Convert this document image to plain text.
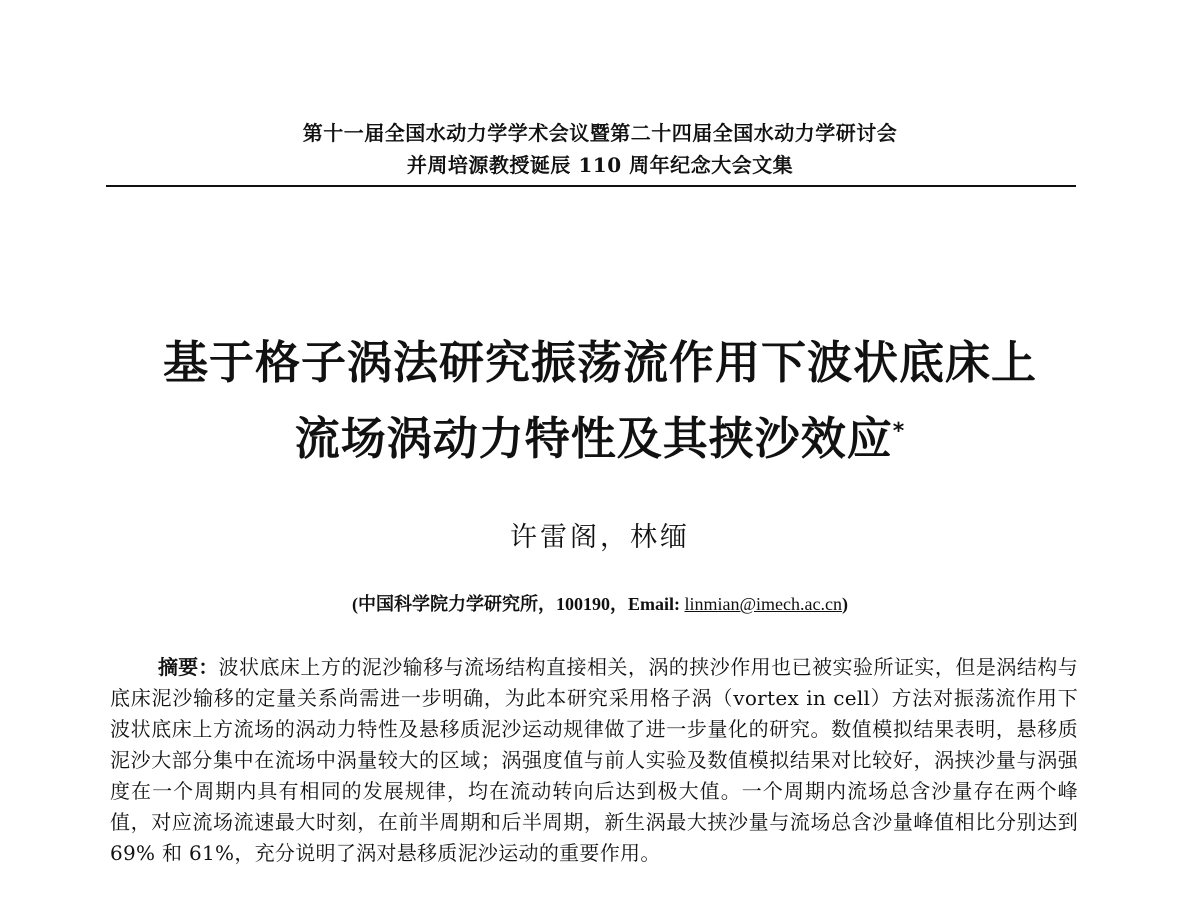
第十一届全国水动力学学术会议暨第二十四届全国水动力学研讨会
并周培源教授诞辰 110 周年纪念大会文集
基于格子涡法研究振荡流作用下波状底床上
流场涡动力特性及其挟沙效应*
许雷阁，林缅
(中国科学院力学研究所，100190，Email: linmian@imech.ac.cn)
摘要：波状底床上方的泥沙输移与流场结构直接相关，涡的挟沙作用也已被实验所证实，但是涡结构与底床泥沙输移的定量关系尚需进一步明确，为此本研究采用格子涡（vortex in cell）方法对振荡流作用下波状底床上方流场的涡动力特性及悬移质泥沙运动规律做了进一步量化的研究。数值模拟结果表明，悬移质泥沙大部分集中在流场中涡量较大的区域；涡强度值与前人实验及数值模拟结果对比较好，涡挟沙量与涡强度在一个周期内具有相同的发展规律，均在流动转向后达到极大值。一个周期内流场总含沙量存在两个峰值，对应流场流速最大时刻，在前半周期和后半周期，新生涡最大挟沙量与流场总含沙量峰值相比分别达到 69% 和 61%，充分说明了涡对悬移质泥沙运动的重要作用。
